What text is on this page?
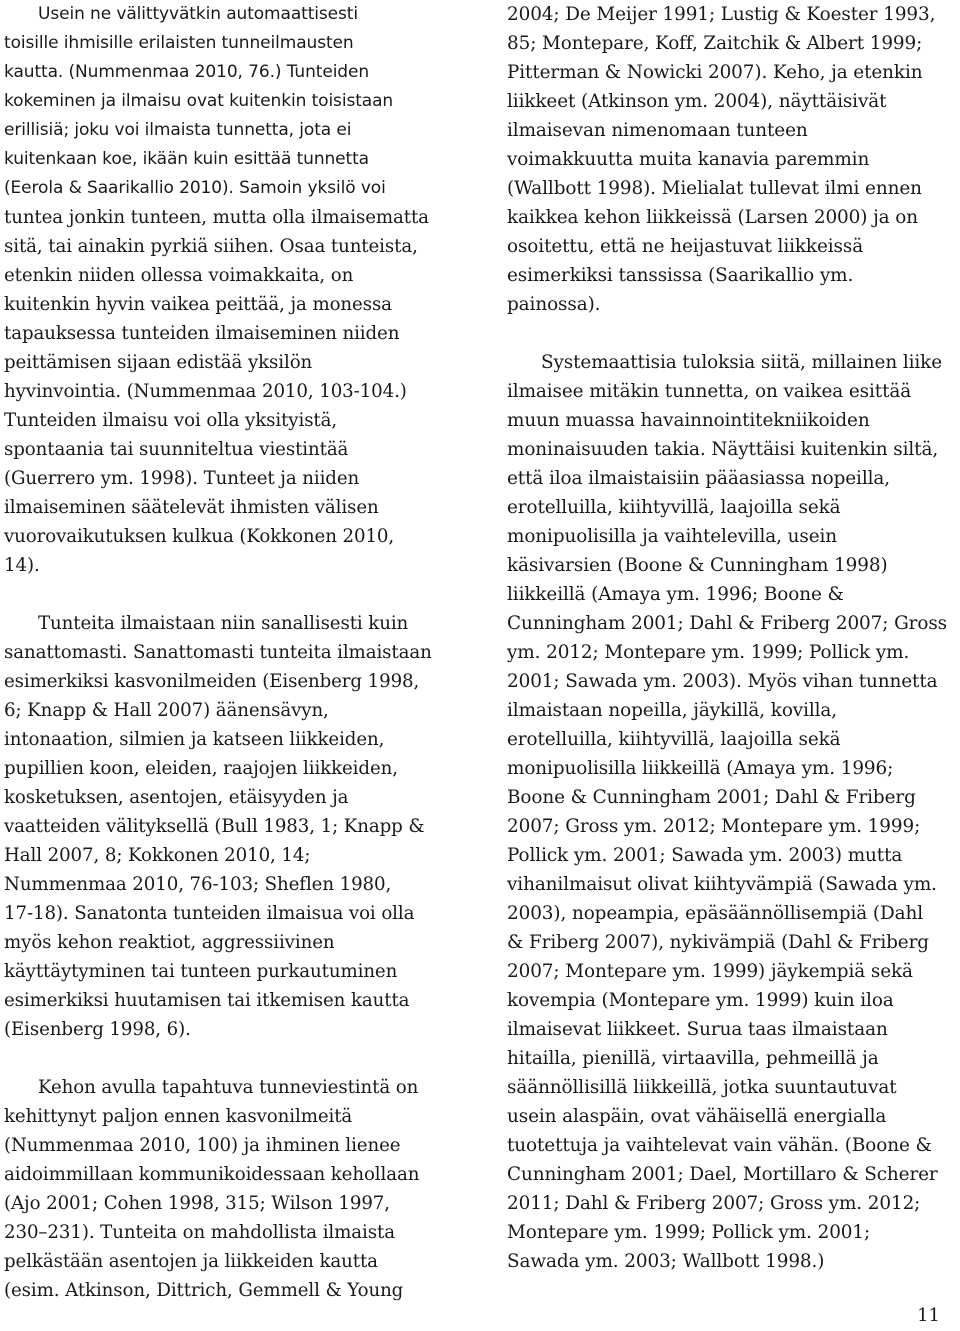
Usein ne välittyvätkin automaattisesti
toisille ihmisille erilaisten tunneilmausten
kautta. (Nummenmaa 2010, 76.) Tunteiden
kokeminen ja ilmaisu ovat kuitenkin toisistaan
erillisiä; joku voi ilmaista tunnetta, jota ei
kuitenkaan koe, ikään kuin esittää tunnetta
(Eerola & Saarikallio 2010). Samoin yksilö voi
tuntea jonkin tunteen, mutta olla ilmaisematta
sitä, tai ainakin pyrkiä siihen. Osaa tunteista,
etenkin niiden ollessa voimakkaita, on
kuitenkin hyvin vaikea peittää, ja monessa
tapauksessa tunteiden ilmaiseminen niiden
peittämisen sijaan edistää yksilön
hyvinvointia. (Nummenmaa 2010, 103-104.)
Tunteiden ilmaisu voi olla yksityistä,
spontaania tai suunniteltua viestintää
(Guerrero ym. 1998). Tunteet ja niiden
ilmaiseminen säätelevät ihmisten välisen
vuorovaikutuksen kulkua (Kokkonen 2010,
14).
Tunteita ilmaistaan niin sanallisesti kuin
sanattomasti. Sanattomasti tunteita ilmaistaan
esimerkiksi kasvonilmeiden (Eisenberg 1998,
6; Knapp & Hall 2007) äänensävyn,
intonaation, silmien ja katseen liikkeiden,
pupillien koon, eleiden, raajojen liikkeiden,
kosketuksen, asentojen, etäisyyden ja
vaatteiden välityksellä (Bull 1983, 1; Knapp &
Hall 2007, 8; Kokkonen 2010, 14;
Nummenmaa 2010, 76-103; Sheflen 1980,
17-18). Sanatonta tunteiden ilmaisua voi olla
myös kehon reaktiot, aggressiivinen
käyttäytyminen tai tunteen purkautuminen
esimerkiksi huutamisen tai itkemisen kautta
(Eisenberg 1998, 6).
Kehon avulla tapahtuva tunneviestintä on
kehittynyt paljon ennen kasvonilmeitä
(Nummenmaa 2010, 100) ja ihminen lienee
aidoimmillaan kommunikoidessaan kehollaan
(Ajo 2001; Cohen 1998, 315; Wilson 1997,
230–231). Tunteita on mahdollista ilmaista
pelkästään asentojen ja liikkeiden kautta
(esim. Atkinson, Dittrich, Gemmell & Young
2004; De Meijer 1991; Lustig & Koester 1993,
85; Montepare, Koff, Zaitchik & Albert 1999;
Pitterman & Nowicki 2007). Keho, ja etenkin
liikkeet (Atkinson ym. 2004), näyttäisivät
ilmaisevan nimenomaan tunteen
voimakkuutta muita kanavia paremmin
(Wallbott 1998). Mielialat tullevat ilmi ennen
kaikkea kehon liikkeissä (Larsen 2000) ja on
osoitettu, että ne heijastuvat liikkeissä
esimerkiksi tanssissa (Saarikallio ym.
painossa).
Systemaattisia tuloksia siitä, millainen liike
ilmaisee mitäkin tunnetta, on vaikea esittää
muun muassa havainnointitekniikoiden
moninaisuuden takia. Näyttäisi kuitenkin siltä,
että iloa ilmaistaisiin pääasiassa nopeilla,
erotelluilla, kiihtyvillä, laajoilla sekä
monipuolisilla ja vaihtelevilla, usein
käsivarsien (Boone & Cunningham 1998)
liikkeillä (Amaya ym. 1996; Boone &
Cunningham 2001; Dahl & Friberg 2007; Gross
ym. 2012; Montepare ym. 1999; Pollick ym.
2001; Sawada ym. 2003). Myös vihan tunnetta
ilmaistaan nopeilla, jäykillä, kovilla,
erotelluilla, kiihtyvillä, laajoilla sekä
monipuolisilla liikkeillä (Amaya ym. 1996;
Boone & Cunningham 2001; Dahl & Friberg
2007; Gross ym. 2012; Montepare ym. 1999;
Pollick ym. 2001; Sawada ym. 2003) mutta
vihanilmaisut olivat kiihtyvämpiä (Sawada ym.
2003), nopeampia, epäsäännöllisempiä (Dahl
& Friberg 2007), nykivämpiä (Dahl & Friberg
2007; Montepare ym. 1999) jäykempiä sekä
kovempia (Montepare ym. 1999) kuin iloa
ilmaisevat liikkeet. Surua taas ilmaistaan
hitailla, pienillä, virtaavilla, pehmeillä ja
säännöllisillä liikkeillä, jotka suuntautuvat
usein alaspäin, ovat vähäisellä energialla
tuotettuja ja vaihtelevat vain vähän. (Boone &
Cunningham 2001; Dael, Mortillaro & Scherer
2011; Dahl & Friberg 2007; Gross ym. 2012;
Montepare ym. 1999; Pollick ym. 2001;
Sawada ym. 2003; Wallbott 1998.)
11
